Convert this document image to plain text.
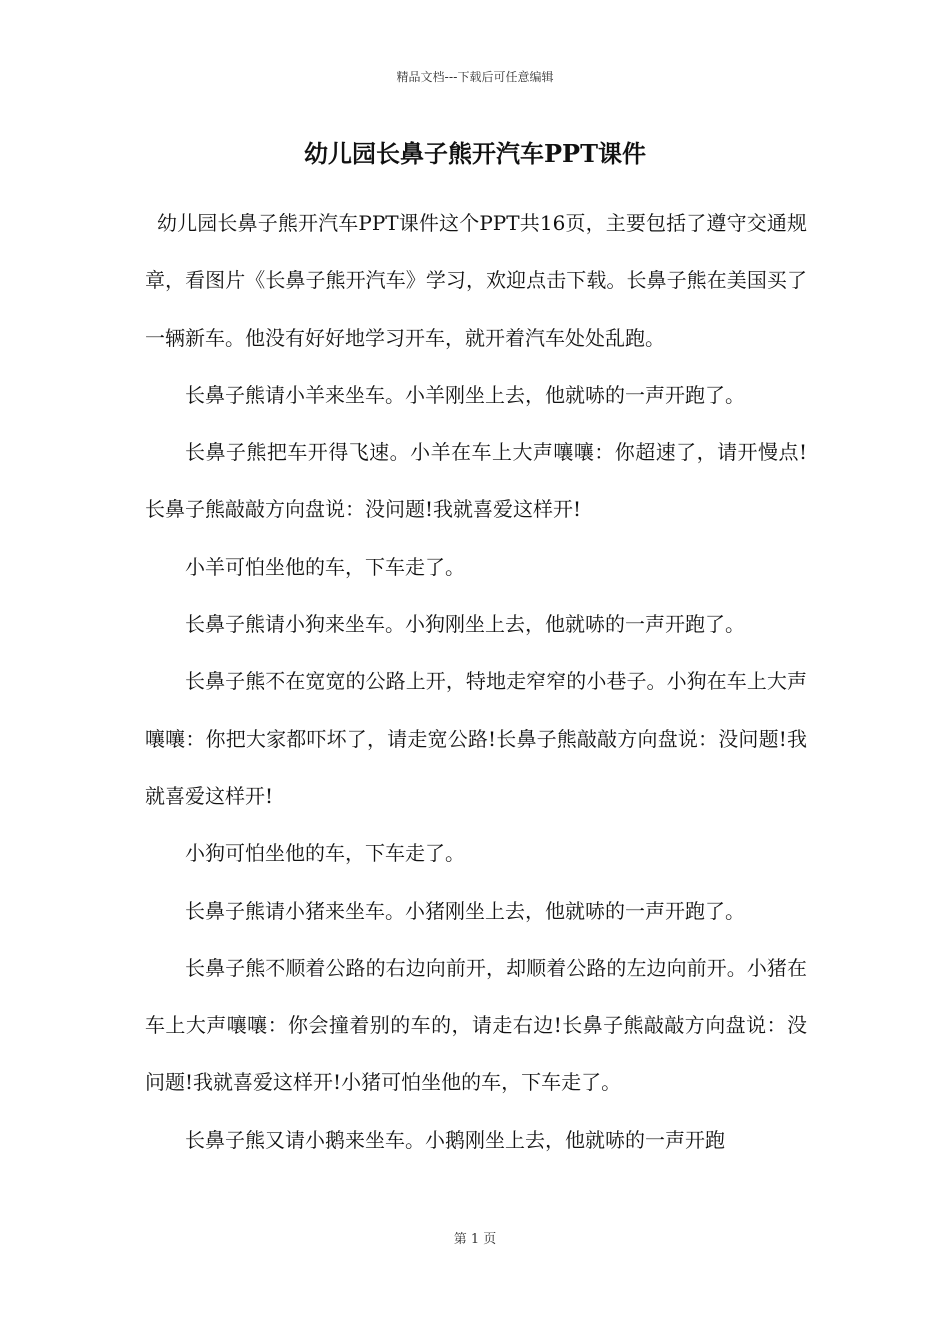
精品文档---下载后可任意编辑
幼儿园长鼻子熊开汽车PPT课件

幼儿园长鼻子熊开汽车PPT课件这个PPT共16页，主要包括了遵守交通规章，看图片《长鼻子熊开汽车》学习，欢迎点击下载。长鼻子熊在美国买了一辆新车。他没有好好地学习开车，就开着汽车处处乱跑。

长鼻子熊请小羊来坐车。小羊刚坐上去，他就哧的一声开跑了。

长鼻子熊把车开得飞速。小羊在车上大声嚷嚷：你超速了，请开慢点!长鼻子熊敲敲方向盘说：没问题!我就喜爱这样开!

小羊可怕坐他的车，下车走了。

长鼻子熊请小狗来坐车。小狗刚坐上去，他就哧的一声开跑了。

长鼻子熊不在宽宽的公路上开，特地走窄窄的小巷子。小狗在车上大声嚷嚷：你把大家都吓坏了，请走宽公路!长鼻子熊敲敲方向盘说：没问题!我就喜爱这样开!

小狗可怕坐他的车，下车走了。

长鼻子熊请小猪来坐车。小猪刚坐上去，他就哧的一声开跑了。

长鼻子熊不顺着公路的右边向前开，却顺着公路的左边向前开。小猪在车上大声嚷嚷：你会撞着别的车的，请走右边!长鼻子熊敲敲方向盘说：没问题!我就喜爱这样开!小猪可怕坐他的车，下车走了。

长鼻子熊又请小鹅来坐车。小鹅刚坐上去，他就哧的一声开跑

第 1 页
